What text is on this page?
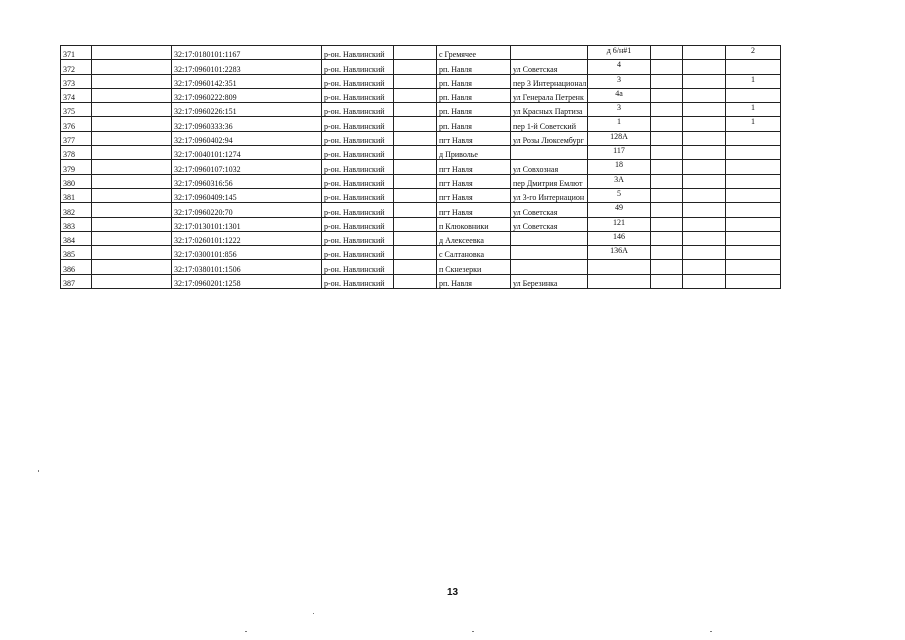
371		32:17:0180101:1167	р-он. Навлинский		с Гремячее		д 6/н#1			2
372		32:17:0960101:2283	р-он. Навлинский		рп. Навля	ул Советская	4			
373		32:17:0960142:351	р-он. Навлинский		рп. Навля	пер 3 Интернационал	3			1
374		32:17:0960222:809	р-он. Навлинский		рп. Навля	ул Генерала Петренк	4а			
375		32:17:0960226:151	р-он. Навлинский		рп. Навля	ул Красных Партиза	3			1
376		32:17:0960333:36	р-он. Навлинский		рп. Навля	пер 1-й Советский	1			1
377		32:17:0960402:94	р-он. Навлинский		пгт Навля	ул Розы Люксембург	128А			
378		32:17:0040101:1274	р-он. Навлинский		д Приволье		117			
379		32:17:0960107:1032	р-он. Навлинский		пгт Навля	ул Совхозная	18			
380		32:17:0960316:56	р-он. Навлинский		пгт Навля	пер Дмитрия Емлют	3А			
381		32:17:0960409:145	р-он. Навлинский		пгт Навля	ул 3-го Интернацион	5			
382		32:17:0960220:70	р-он. Навлинский		пгт Навля	ул Советская	49			
383		32:17:0130101:1301	р-он. Навлинский		п Клюковники	ул Советская	121			
384		32:17:0260101:1222	р-он. Навлинский		д Алексеевка		146			
385		32:17:0300101:856	р-он. Навлинский		с Салтановка		136А			
386		32:17:0380101:1506	р-он. Навлинский		п Скнезерки					
387		32:17:0960201:1258	р-он. Навлинский		рп. Навля	ул Березинка				
13
